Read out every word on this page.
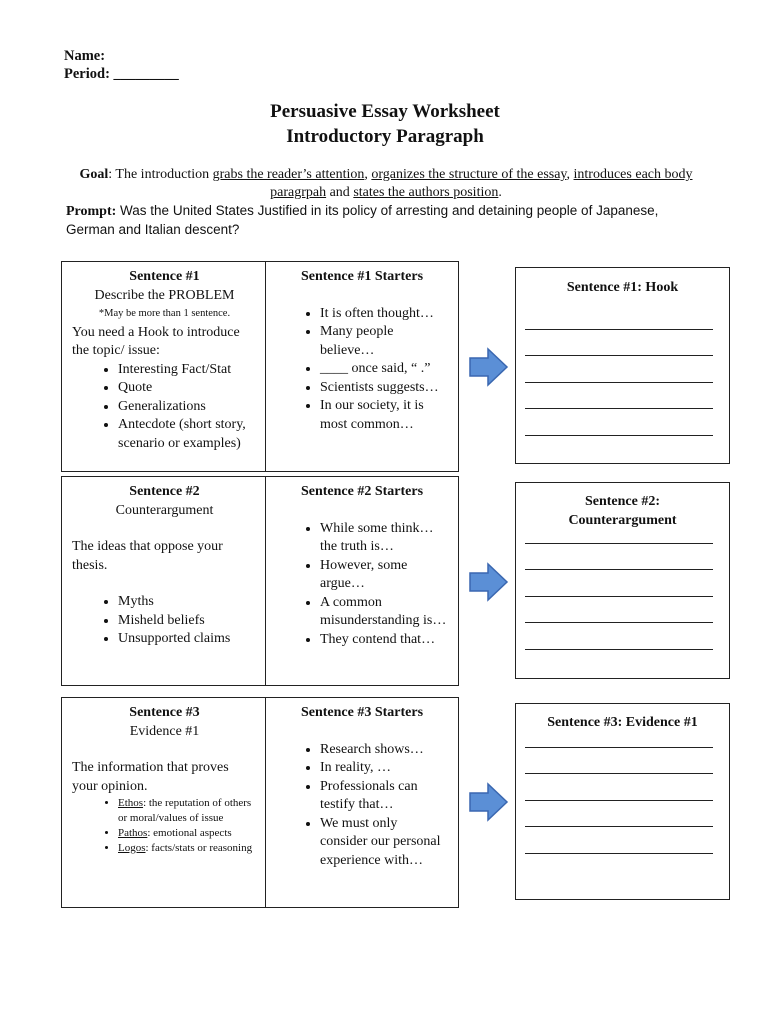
Name:
Period: _________
Persuasive Essay Worksheet
Introductory Paragraph
Goal: The introduction grabs the reader’s attention, organizes the structure of the essay, introduces each body paragrpah and states the authors position.
Prompt: Was the United States Justified in its policy of arresting and detaining people of Japanese, German and Italian descent?
Sentence #1
Describe the PROBLEM
*May be more than 1 sentence.
You need a Hook to introduce the topic/ issue:
• Interesting Fact/Stat
• Quote
• Generalizations
• Antecdote (short story, scenario or examples)
Sentence #1 Starters
• It is often thought…
• Many people believe…
• ____ once said, “ .”
• Scientists suggests…
• In our society, it is most common…
Sentence #2
Counterargument
The ideas that oppose your thesis.
• Myths
• Misheld beliefs
• Unsupported claims
Sentence #2 Starters
• While some think… the truth is…
• However, some argue…
• A common misunderstanding is…
• They contend that…
Sentence #3
Evidence #1
The information that proves your opinion.
• Ethos: the reputation of others or moral/values of issue
• Pathos: emotional aspects
• Logos: facts/stats or reasoning
Sentence #3 Starters
• Research shows…
• In reality, …
• Professionals can testify that…
• We must only consider our personal experience with…
Sentence #1: Hook
Sentence #2: Counterargument
Sentence #3: Evidence #1
